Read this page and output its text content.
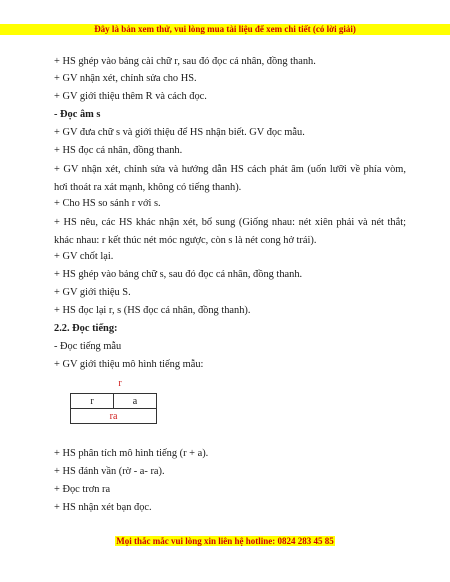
Đây là bản xem thử, vui lòng mua tài liệu để xem chi tiết (có lời giải)
+ HS ghép vào bảng cài chữ r, sau đó đọc cá nhân, đồng thanh.
+ GV nhận xét, chỉnh sửa cho HS.
+ GV giới thiệu thêm R và cách đọc.
- Đọc âm s
+ GV đưa chữ s và giới thiệu để HS nhận biết. GV đọc mẫu.
+ HS đọc cá nhân, đồng thanh.
+ GV nhận xét, chỉnh sửa và hướng dẫn HS cách phát âm (uốn lưỡi về phía vòm, hơi thoát ra xát mạnh, không có tiếng thanh).
+ Cho HS so sánh r với s.
+ HS nêu, các HS khác nhận xét, bổ sung (Giống nhau: nét xiên phải và nét thắt; khác nhau: r kết thúc nét móc ngược, còn s là nét cong hở trái).
+ GV chốt lại.
+ HS ghép vào bảng chữ s, sau đó đọc cá nhân, đồng thanh.
+ GV giới thiệu S.
+ HS đọc lại r, s (HS đọc cá nhân, đồng thanh).
2.2. Đọc tiếng:
- Đọc tiếng mẫu
+ GV giới thiệu mô hình tiếng mẫu:
r
r	a
ra
+ HS phân tích mô hình tiếng (r + a).
+ HS đánh vần (rờ - a- ra).
+ Đọc trơn ra
+ HS nhận xét bạn đọc.
Mọi thắc mắc vui lòng xin liên hệ hotline: 0824 283 45 85
